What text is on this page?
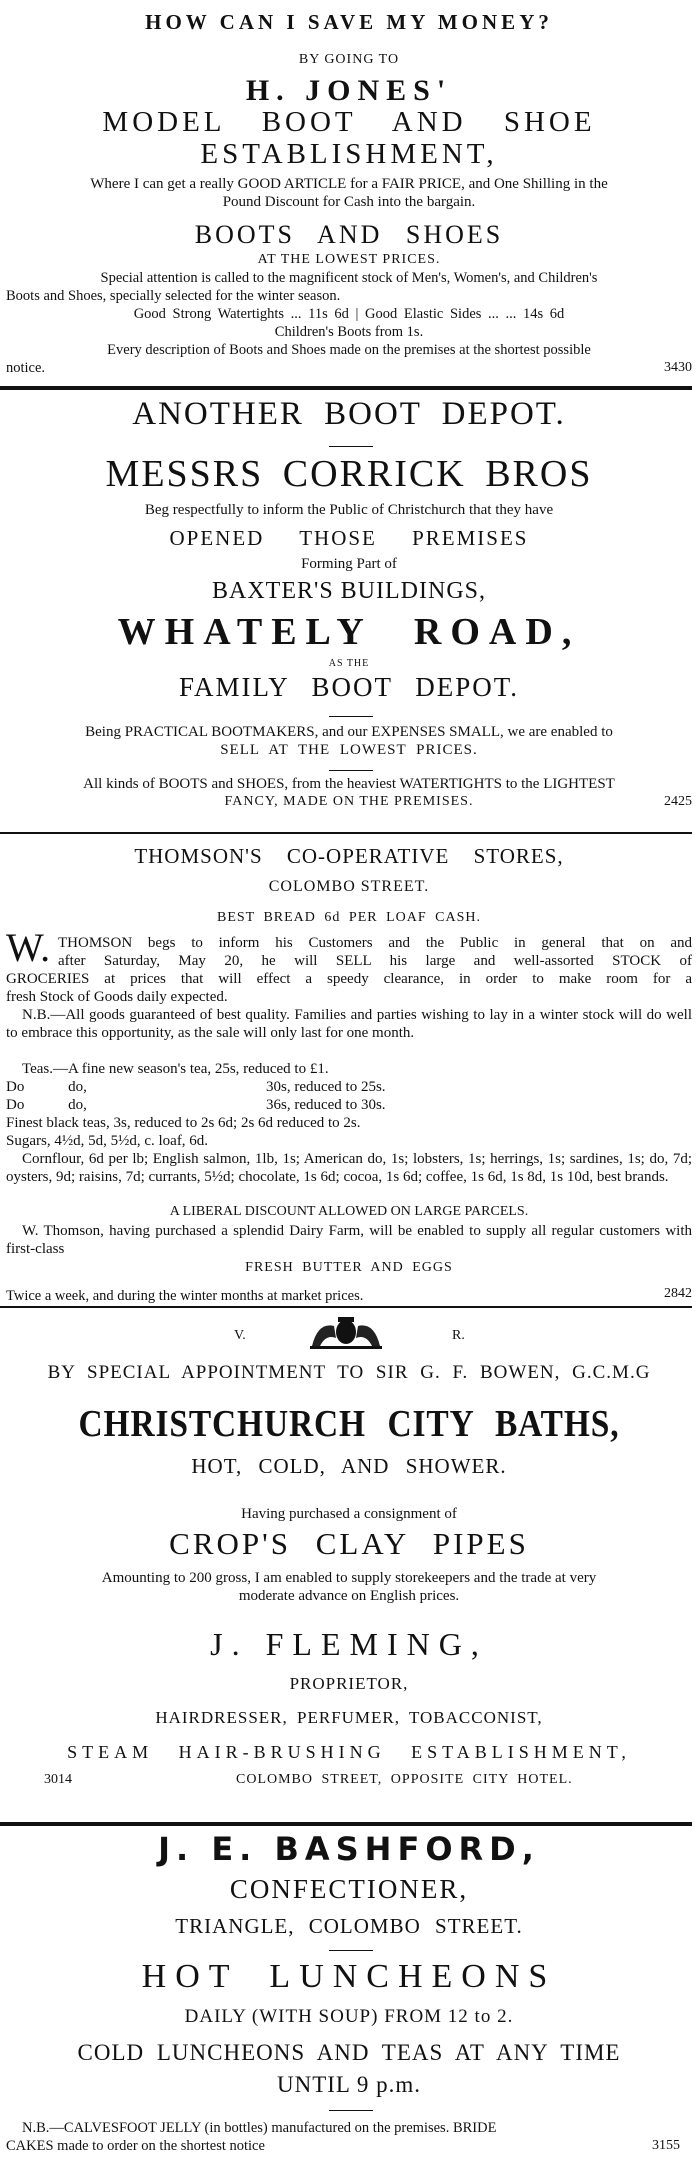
HOW CAN I SAVE MY MONEY?
BY GOING TO
H. JONES'
MODEL BOOT AND SHOE
ESTABLISHMENT,
Where I can get a really GOOD ARTICLE for a FAIR PRICE, and One Shilling in the
Pound Discount for Cash into the bargain.
BOOTS AND SHOES
AT THE LOWEST PRICES.
Special attention is called to the magnificent stock of Men's, Women's, and Children's
Boots and Shoes, specially selected for the winter season.
Good Strong Watertights ... 11s 6d | Good Elastic Sides ... ... 14s 6d
Children's Boots from 1s.
Every description of Boots and Shoes made on the premises at the shortest possible
notice.	3430
ANOTHER BOOT DEPOT.
MESSRS CORRICK BROS
Beg respectfully to inform the Public of Christchurch that they have
OPENED THOSE PREMISES
Forming Part of
BAXTER'S BUILDINGS,
WHATELY ROAD,
AS THE
FAMILY BOOT DEPOT.
Being PRACTICAL BOOTMAKERS, and our EXPENSES SMALL, we are enabled to
SELL AT THE LOWEST PRICES.
All kinds of BOOTS and SHOES, from the heaviest WATERTIGHTS to the LIGHTEST
FANCY, MADE ON THE PREMISES.	2425
THOMSON'S CO-OPERATIVE STORES,
COLOMBO STREET.
BEST BREAD 6d PER LOAF CASH.
W. THOMSON begs to inform his Customers and the Public in general that on and
after Saturday, May 20, he will SELL his large and well-assorted STOCK of
GROCERIES at prices that will effect a speedy clearance, in order to make room for a
fresh Stock of Goods daily expected.
N.B.—All goods guaranteed of best quality. Families and parties wishing to lay in a winter stock will do well to embrace this opportunity, as the sale will only last for one month.
Teas.—A fine new season's tea, 25s, reduced to £1.
Do do,	30s, reduced to 25s.
Do do,	36s, reduced to 30s.
Finest black teas, 3s, reduced to 2s 6d; 2s 6d reduced to 2s.
Sugars, 4½d, 5d, 5½d, c. loaf, 6d.
Cornflour, 6d per lb; English salmon, 1lb, 1s; American do, 1s; lobsters, 1s; herrings, 1s; sardines, 1s; do, 7d; oysters, 9d; raisins, 7d; currants, 5½d; chocolate, 1s 6d; cocoa, 1s 6d; coffee, 1s 6d, 1s 8d, 1s 10d, best brands.
A LIBERAL DISCOUNT ALLOWED ON LARGE PARCELS.
W. Thomson, having purchased a splendid Dairy Farm, will be enabled to supply all regular customers with first-class
FRESH BUTTER AND EGGS
Twice a week, and during the winter months at market prices.	2842
V.	R.
BY SPECIAL APPOINTMENT TO SIR G. F. BOWEN, G.C.M.G
CHRISTCHURCH CITY BATHS,
HOT, COLD, AND SHOWER.
Having purchased a consignment of
CROP'S CLAY PIPES
Amounting to 200 gross, I am enabled to supply storekeepers and the trade at very
moderate advance on English prices.
J. FLEMING,
PROPRIETOR,
HAIRDRESSER, PERFUMER, TOBACCONIST,
STEAM HAIR-BRUSHING ESTABLISHMENT,
3014	COLOMBO STREET, OPPOSITE CITY HOTEL.
J. E. BASHFORD,
CONFECTIONER,
TRIANGLE, COLOMBO STREET.
HOT LUNCHEONS
DAILY (WITH SOUP) FROM 12 to 2.
COLD LUNCHEONS AND TEAS AT ANY TIME
UNTIL 9 p.m.
N.B.—CALVESFOOT JELLY (in bottles) manufactured on the premises. BRIDE
CAKES made to order on the shortest notice	3155
